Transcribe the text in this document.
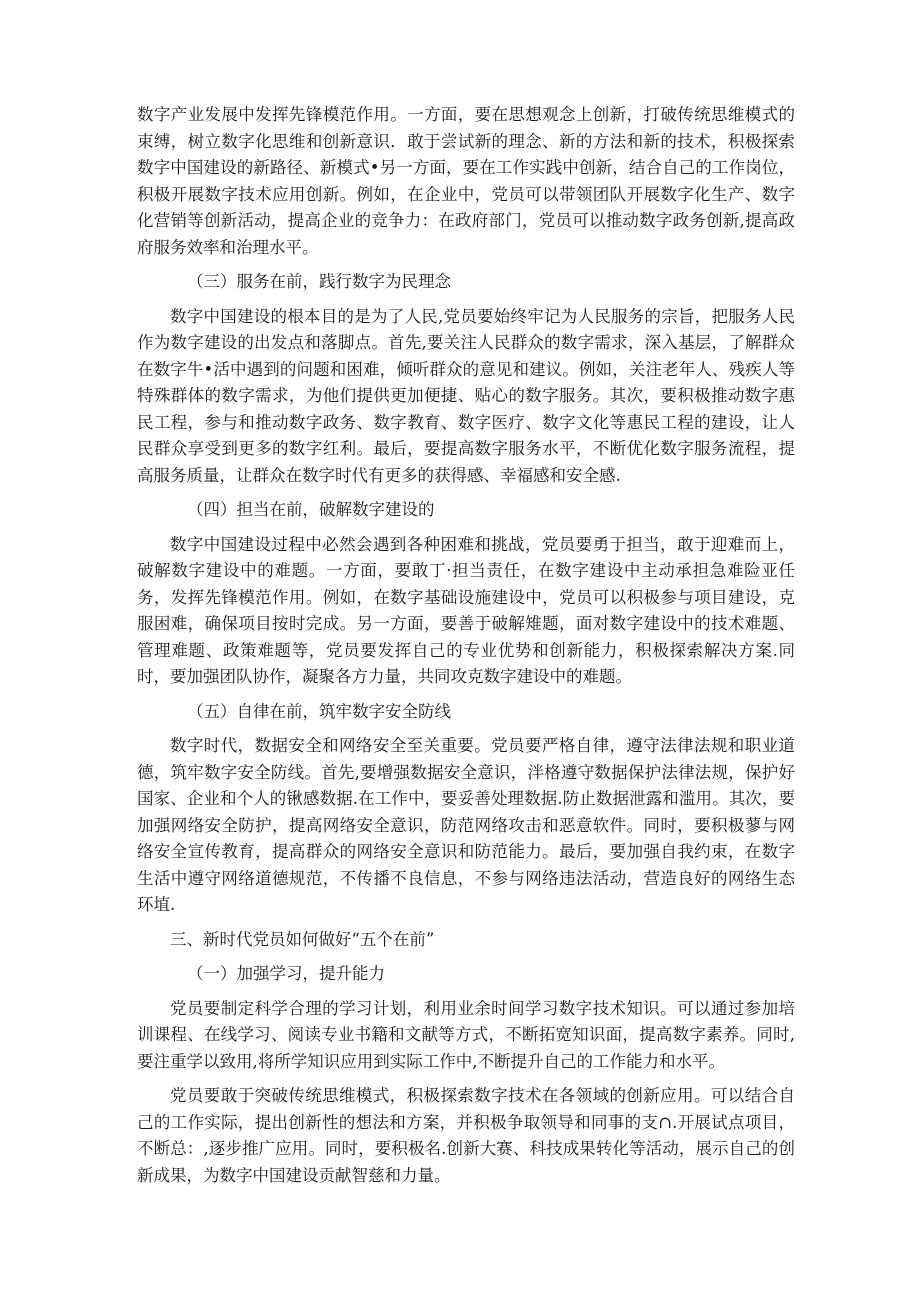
数字产业发展中发挥先锋模范作用。一方面，要在思想观念上创新，打破传统思维模式的束缚，树立数字化思维和创新意识．敢于尝试新的理念、新的方法和新的技术，积极探索数字中国建设的新路径、新模式•另一方面，要在工作实践中创新，结合自己的工作岗位，积极开展数字技术应用创新。例如，在企业中，党员可以带领团队开展数字化生产、数字化营销等创新活动，提高企业的竞争力：在政府部门，党员可以推动数字政务创新,提高政府服务效率和治理水平。

（三）服务在前，践行数字为民理念

数字中国建设的根本目的是为了人民,党员要始终牢记为人民服务的宗旨，把服务人民作为数字建设的出发点和落脚点。首先,要关注人民群众的数字需求，深入基层，了解群众在数字牛•活中遇到的问题和困难，倾听群众的意见和建议。例如，关注老年人、残疾人等特殊群体的数字需求，为他们提供更加便捷、贴心的数字服务。其次，要积极推动数字惠民工程，参与和推动数字政务、数字教育、数字医疗、数字文化等惠民工程的建设，让人民群众享受到更多的数字红利。最后，要提高数字服务水平，不断优化数字服务流程，提高服务质量，让群众在数字时代有更多的获得感、幸福感和安全感.

（四）担当在前，破解数字建设的

数字中国建设过程中必然会遇到各种困难和挑战，党员要勇于担当，敢于迎难而上，破解数字建设中的难题。一方面，要敢丁·担当责任，在数字建设中主动承担急难险亚任务，发挥先锋模范作用。例如，在数字基础设施建设中，党员可以积极参与项目建设，克服困难，确保项目按时完成。另一方面，要善于破解雉题，面对数字建设中的技术难题、管理难题、政策难题等，党员要发挥自己的专业优势和创新能力，积极探索解决方案.同时，要加强团队协作，凝聚各方力量，共同攻克数字建设中的难题。

（五）自律在前，筑牢数字安全防线

数字时代，数据安全和网络安全至关重要。党员要严格自律，遵守法律法规和职业道德，筑牢数字安全防线。首先,要增强数据安全意识，泮格遵守数据保护法律法规，保护好国家、企业和个人的锹感数据.在工作中，要妥善处理数据.防止数据泄露和滥用。其次，要加强网络安全防护，提高网络安全意识，防范网络攻击和恶意软件。同时，要积极蓼与网络安全宣传教育，提高群众的网络安全意识和防范能力。最后，要加强自我约束，在数字生活中遵守网络道德规范，不传播不良信息，不参与网络违法活动，营造良好的网络生态环埴.

三、新时代党员如何做好“五个在前”
（一）加强学习，提升能力

党员要制定科学合理的学习计划，利用业余时间学习数字技术知识。可以通过参加培训课程、在线学习、阅读专业书籍和文献等方式，不断拓宽知识面，提高数字素养。同时,要注重学以致用,将所学知识应用到实际工作中,不断提升自己的工作能力和水平。

党员要敢于突破传统思维模式，积极探索数字技术在各领域的创新应用。可以结合自己的工作实际，提出创新性的想法和方案，并积极争取领导和同事的支∩.开展试点项目，不断总：,逐步推广应用。同时，要积极名.创新大赛、科技成果转化等活动，展示自己的创新成果，为数字中国建设贡献智慈和力量。
